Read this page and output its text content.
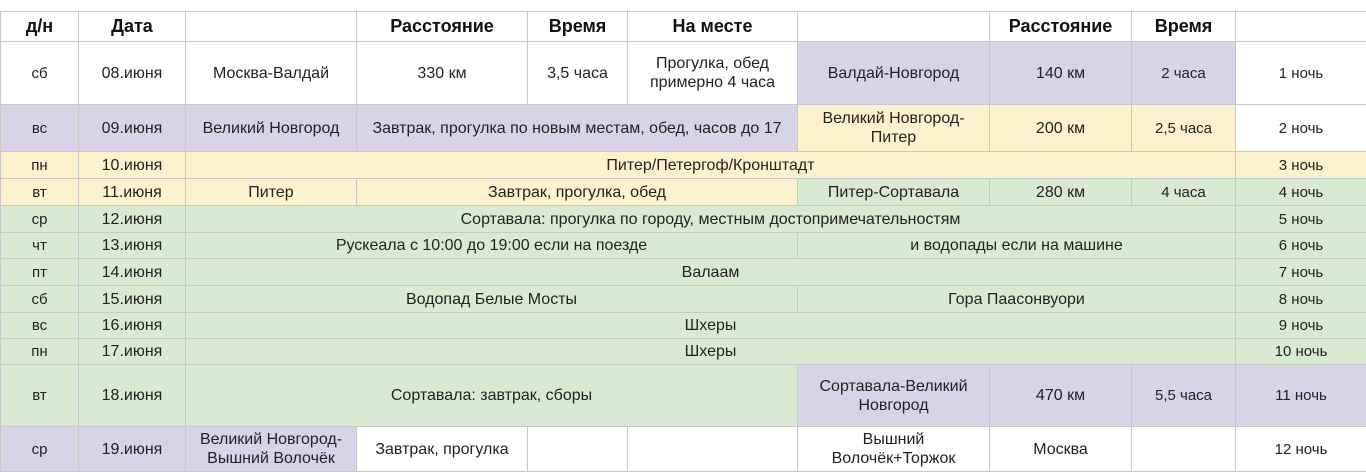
д/н	Дата		Расстояние	Время	На месте		Расстояние	Время	
сб	08.июня	Москва-Валдай	330 км	3,5 часа	Прогулка, обед примерно 4 часа	Валдай-Новгород	140 км	2 часа	1 ночь
вс	09.июня	Великий Новгород	Завтрак, прогулка по новым местам, обед, часов до 17			Великий Новгород-Питер	200 км	2,5 часа	2 ночь
пн	10.июня	Питер/Петергоф/Кронштадт							3 ночь
вт	11.июня	Питер	Завтрак, прогулка, обед			Питер-Сортавала	280 км	4 часа	4 ночь
ср	12.июня	Сортавала: прогулка по городу, местным достопримечательностям							5 ночь
чт	13.июня	Рускеала с 10:00 до 19:00 если на поезде				и водопады если на машине			6 ночь
пт	14.июня	Валаам							7 ночь
сб	15.июня	Водопад Белые Мосты				Гора Паасонвуори			8 ночь
вс	16.июня	Шхеры							9 ночь
пн	17.июня	Шхеры							10 ночь
вт	18.июня	Сортавала: завтрак, сборы				Сортавала-Великий Новгород	470 км	5,5 часа	11 ночь
ср	19.июня	Великий Новгород-Вышний Волочёк	Завтрак, прогулка			Вышний Волочёк+Торжок	Москва		12 ночь
